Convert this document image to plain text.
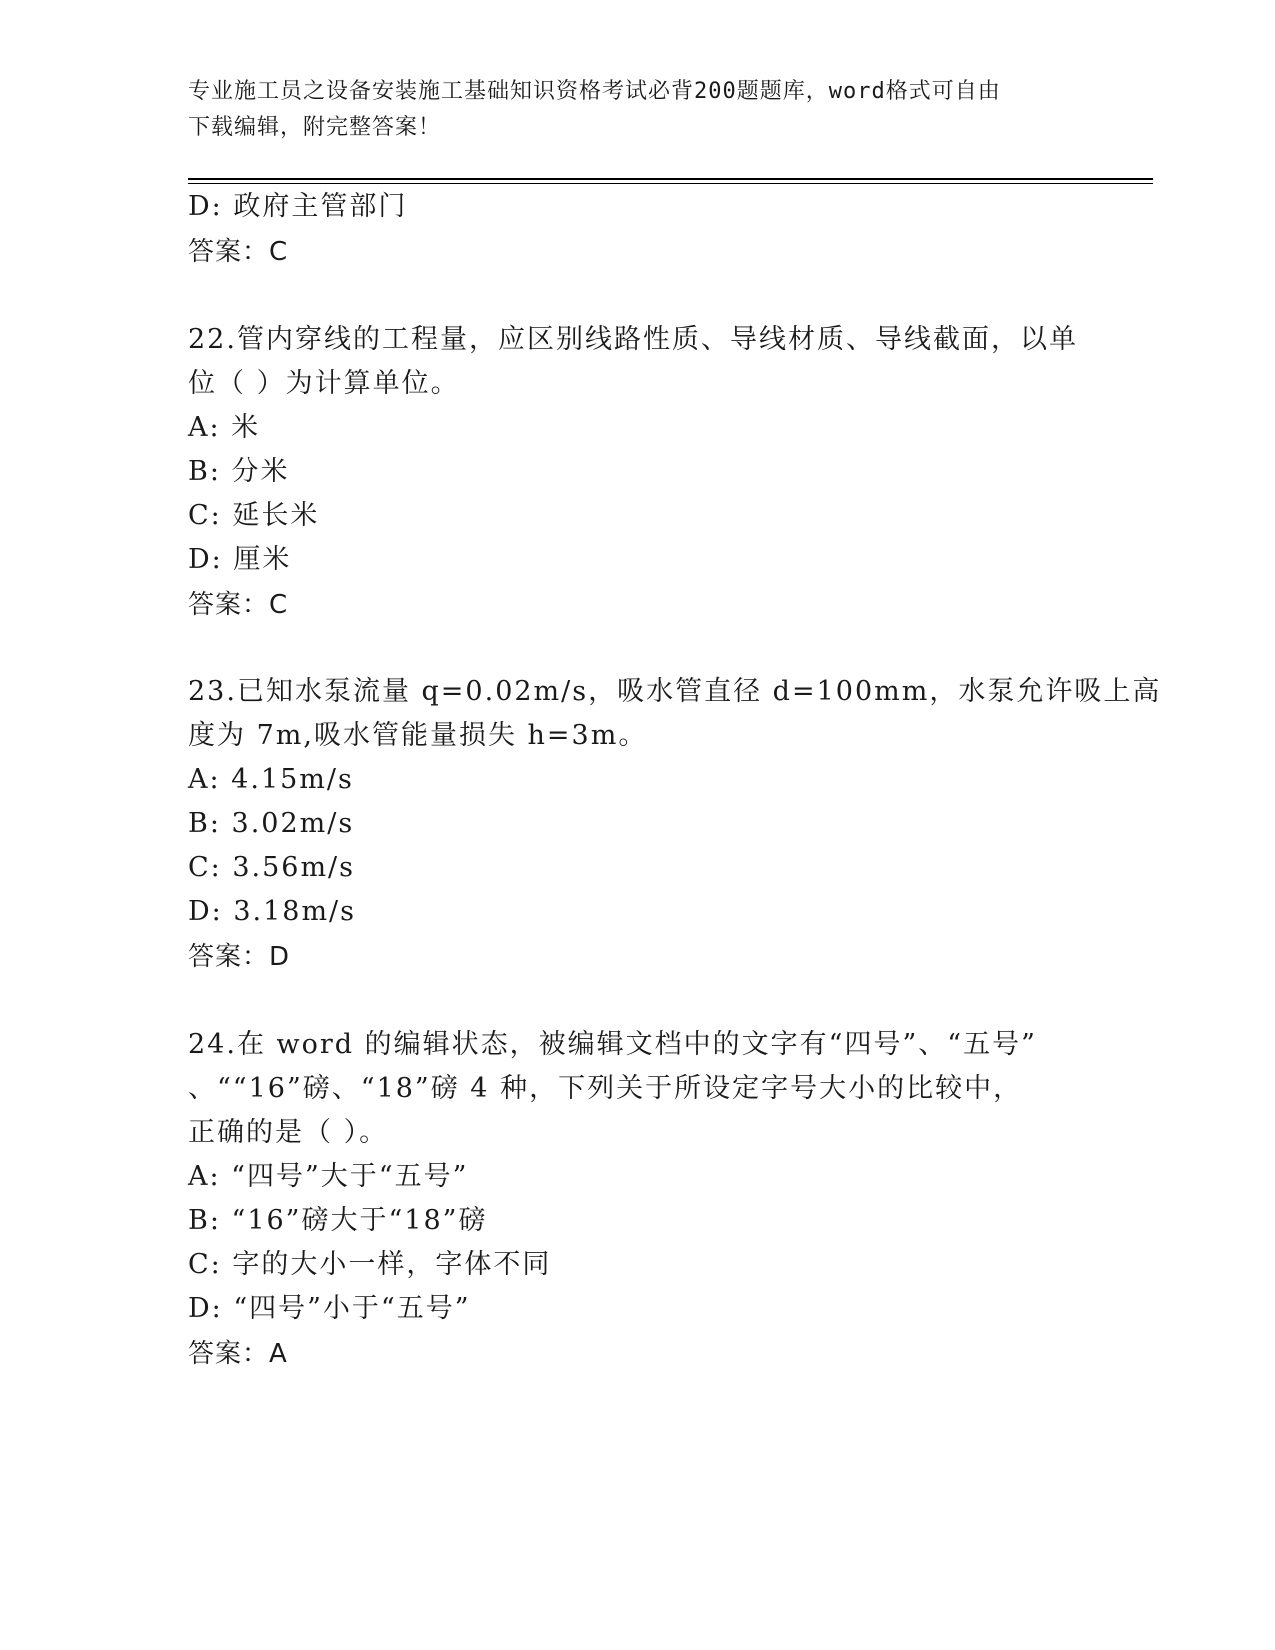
专业施工员之设备安装施工基础知识资格考试必背200题题库，word格式可自由
下载编辑，附完整答案！
D: 政府主管部门
答案：C
22.管内穿线的工程量，应区别线路性质、导线材质、导线截面，以单
位（ ）为计算单位。
A: 米
B: 分米
C: 延长米
D: 厘米
答案：C
23.已知水泵流量 q=0.02m/s，吸水管直径 d=100mm，水泵允许吸上高
度为 7m,吸水管能量损失 h=3m。
A: 4.15m/s
B: 3.02m/s
C: 3.56m/s
D: 3.18m/s
答案：D
24.在 word 的编辑状态，被编辑文档中的文字有“四号”、“五号”
、““16”磅、“18”磅 4 种，下列关于所设定字号大小的比较中，
正确的是（ ）。
A: “四号”大于“五号”
B: “16”磅大于“18”磅
C: 字的大小一样，字体不同
D: “四号”小于“五号”
答案：A
